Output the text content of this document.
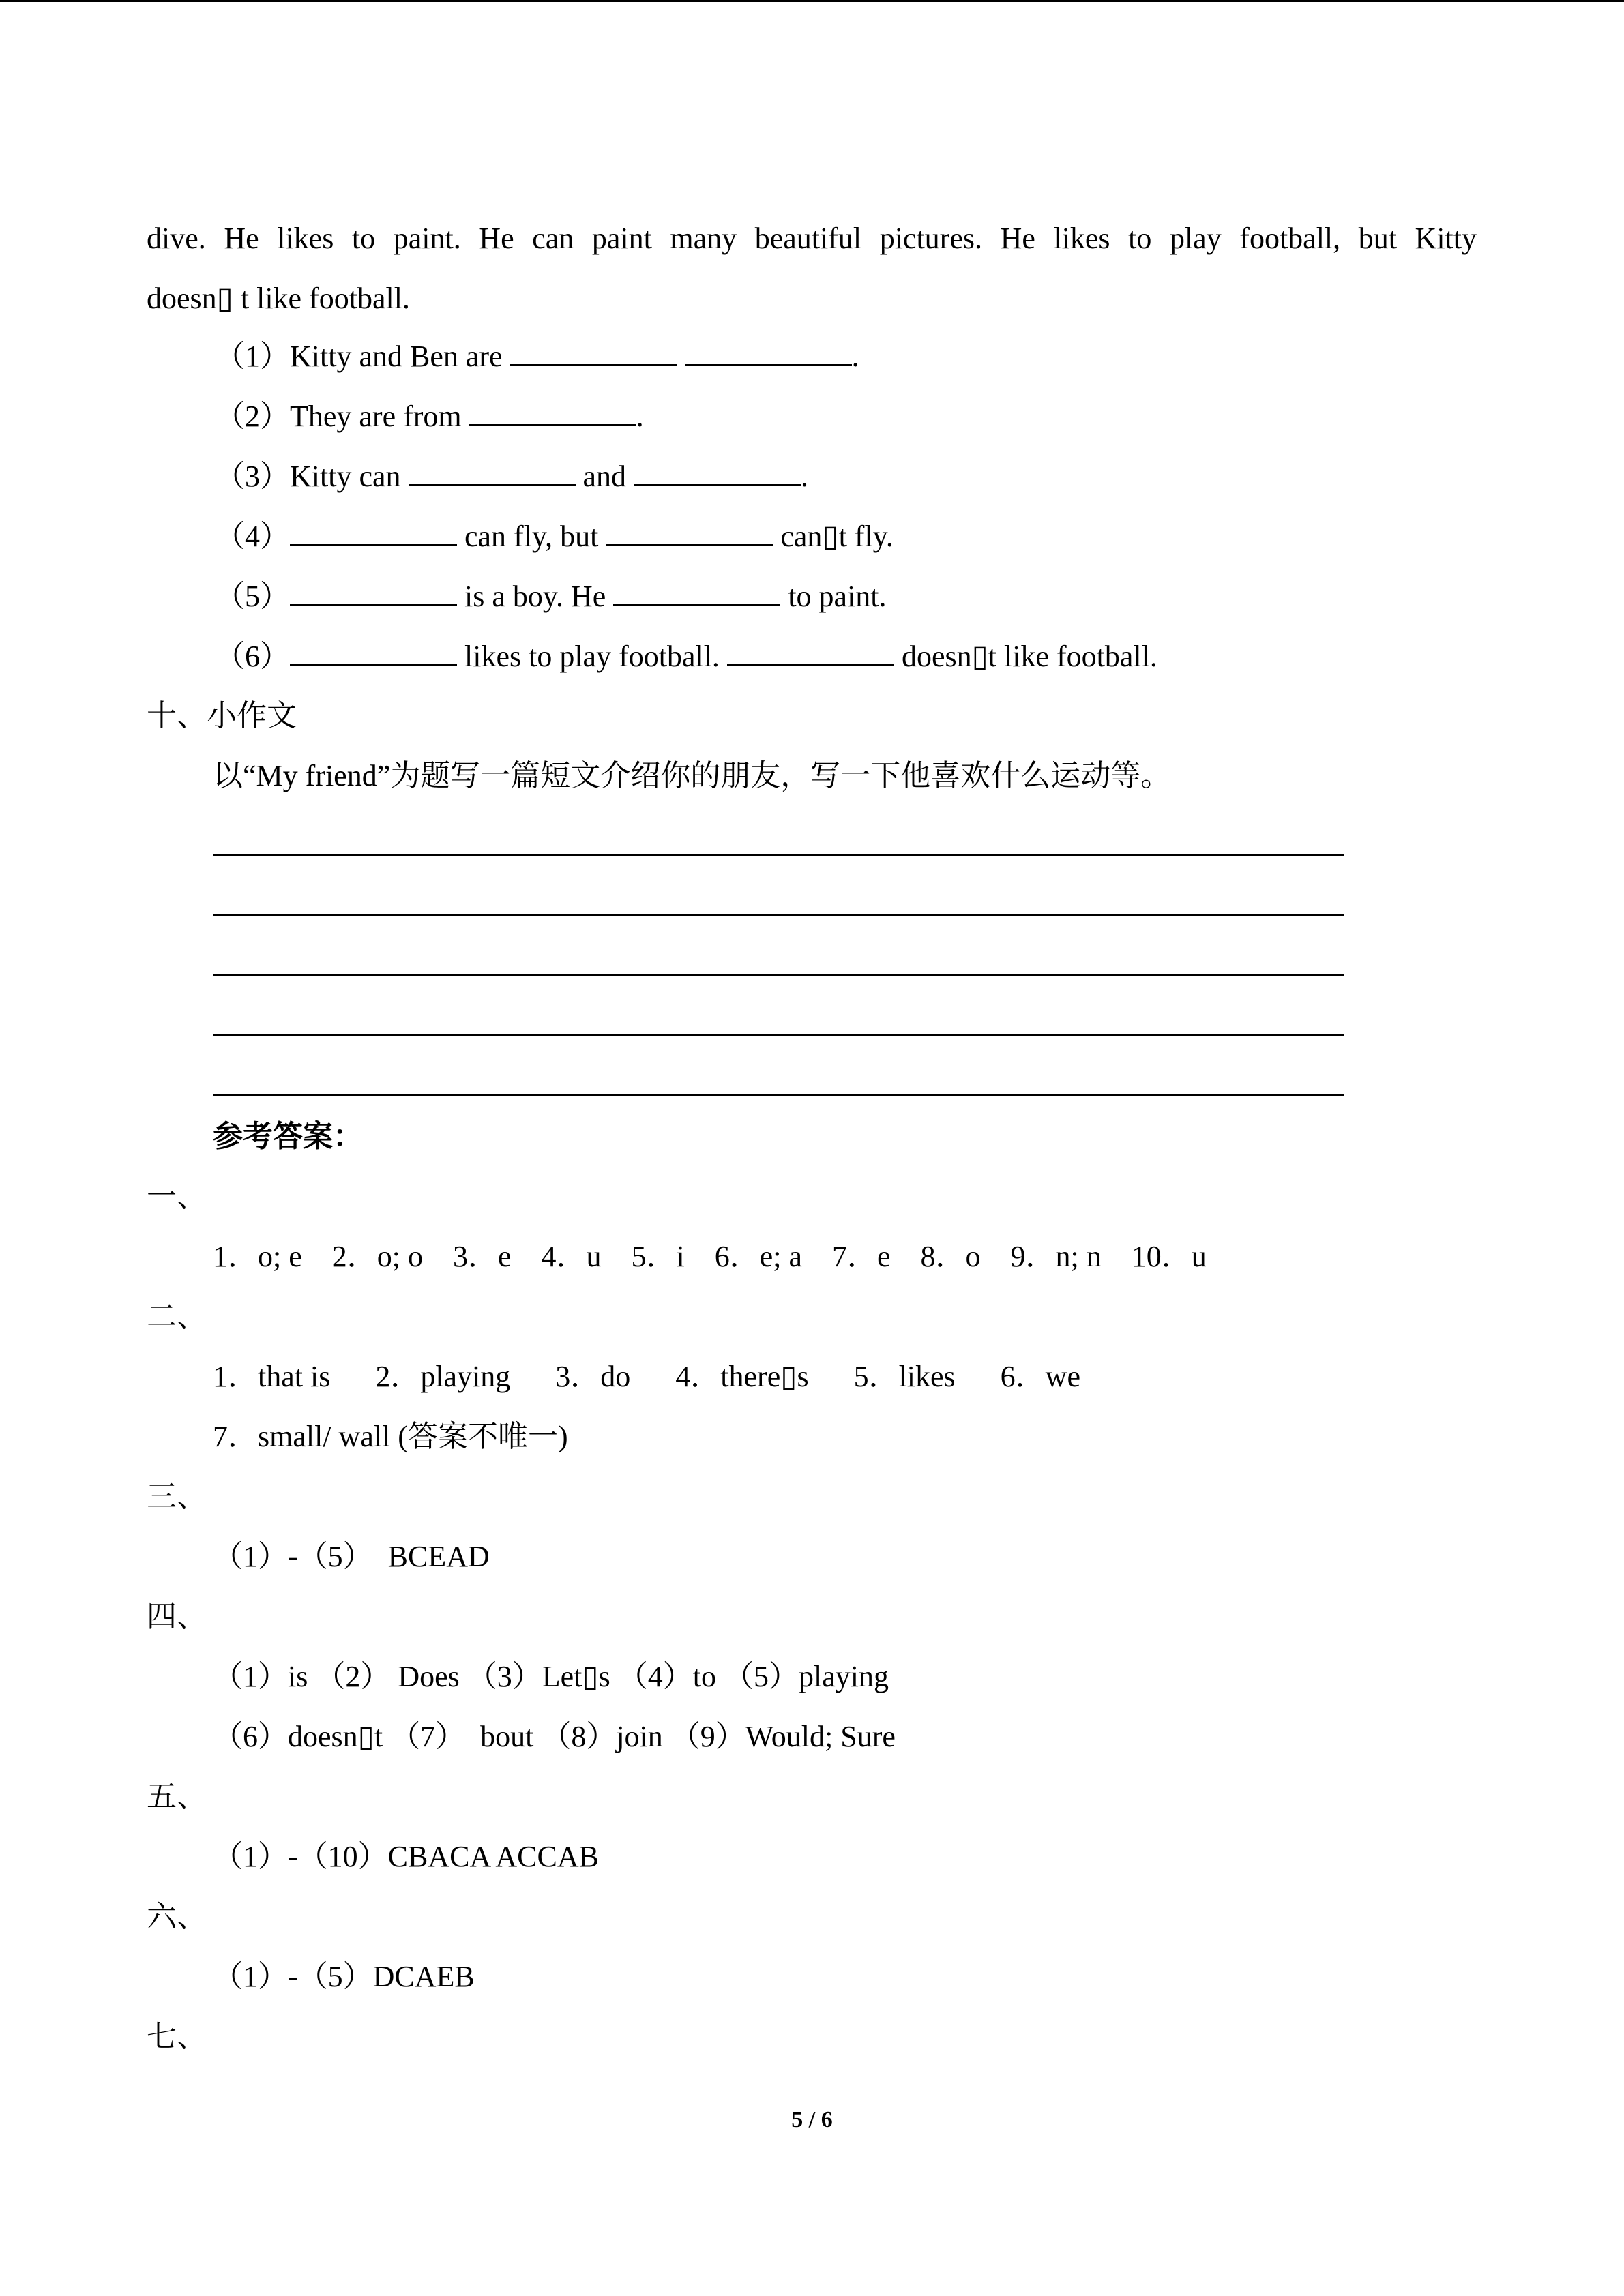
dive. He likes to paint. He can paint many beautiful pictures. He likes to play football, but Kitty
doesn▯ t like football.
（1）Kitty and Ben are	.
（2）They are from	.
（3）Kitty can	and	.
（4）	can fly, but	can▯t fly.
（5）	is a boy. He	to paint.
（6）	likes to play football.	doesn▯t like football.
十、小作文
以“My friend”为题写一篇短文介绍你的朋友，写一下他喜欢什么运动等。
参考答案：
一、
1．o; e    2．o; o    3．e    4．u    5．i    6．e; a    7．e    8．o    9．n; n    10．u
二、
1．that is      2．playing      3．do      4．there▯s      5．likes      6．we
7．small/ wall (答案不唯一)
三、
（1）-（5）  BCEAD
四、
（1）is （2） Does （3）Let▯s （4）to （5）playing
（6）doesn▯t （7）  bout （8）join （9）Would; Sure
五、
（1）-（10）CBACA ACCAB
六、
（1）-（5）DCAEB
七、
5 / 6
